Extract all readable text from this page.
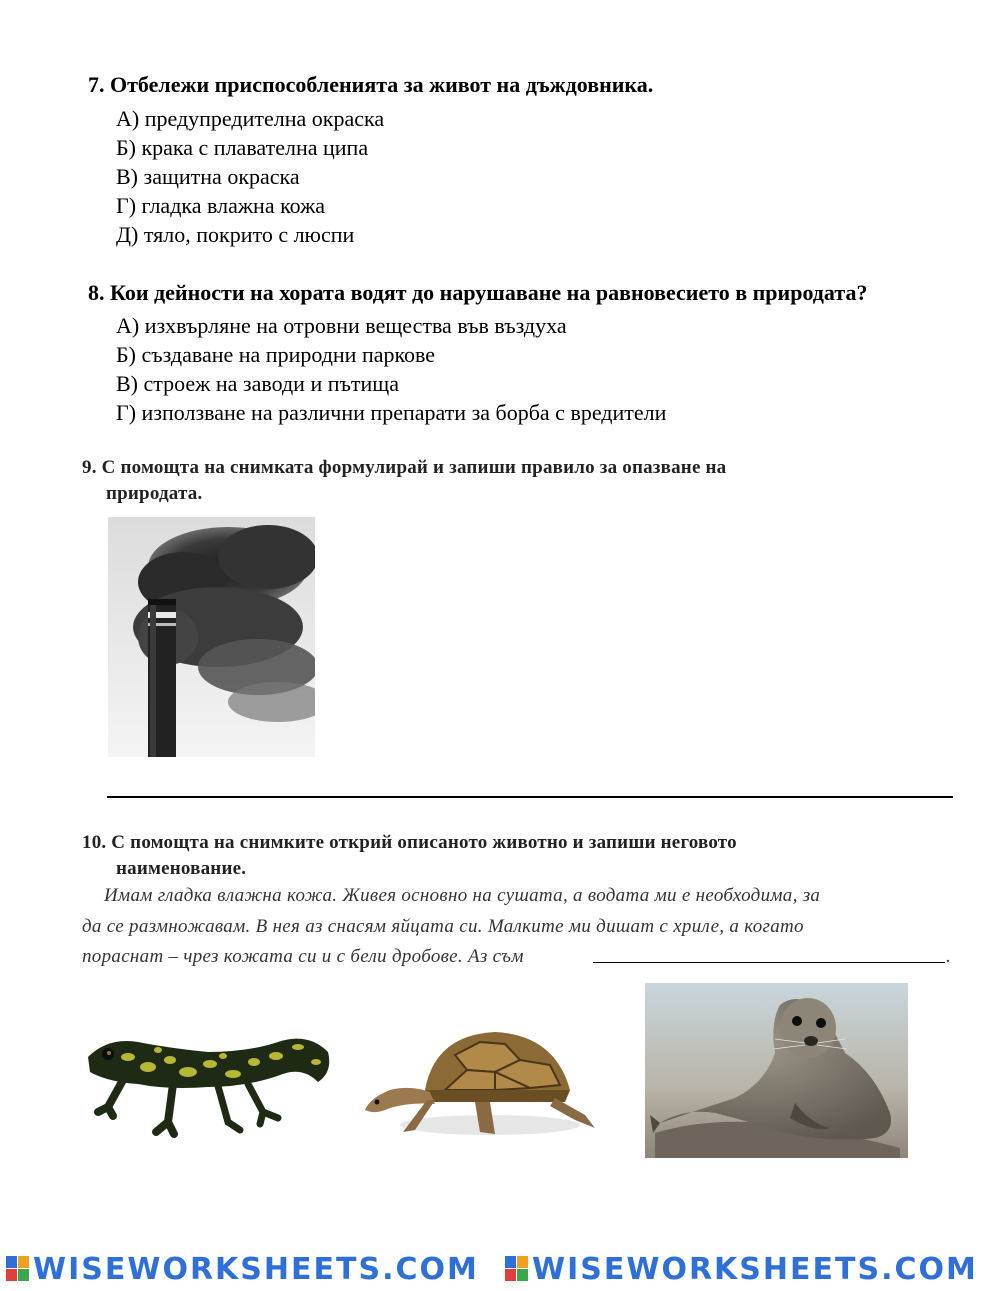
7. Отбележи приспособленията за живот на дъждовника.
А) предупредителна окраска
Б) крака с плавателна ципа
В) защитна окраска
Г) гладка влажна кожа
Д) тяло, покрито с люспи
8. Кои дейности на хората водят до нарушаване на равновесието в природата?
А) изхвърляне на отровни вещества във въздуха
Б) създаване на природни паркове
В) строеж на заводи и пътища
Г) използване на различни препарати за борба с вредители
9. С помощта на снимката формулирай и запиши правило за опазване на
природата.
10. С помощта на снимките открий описаното животно и запиши неговото
наименование.
Имам гладка влажна кожа. Живея основно на сушата, а водата ми е необходима, за
да се размножавам. В нея аз снасям яйцата си. Малките ми дишат с хриле, а когато
пораснат – чрез кожата си и с бели дробове. Аз съм	.
WISEWORKSHEETS.COM WISEWORKSHEETS.COM
